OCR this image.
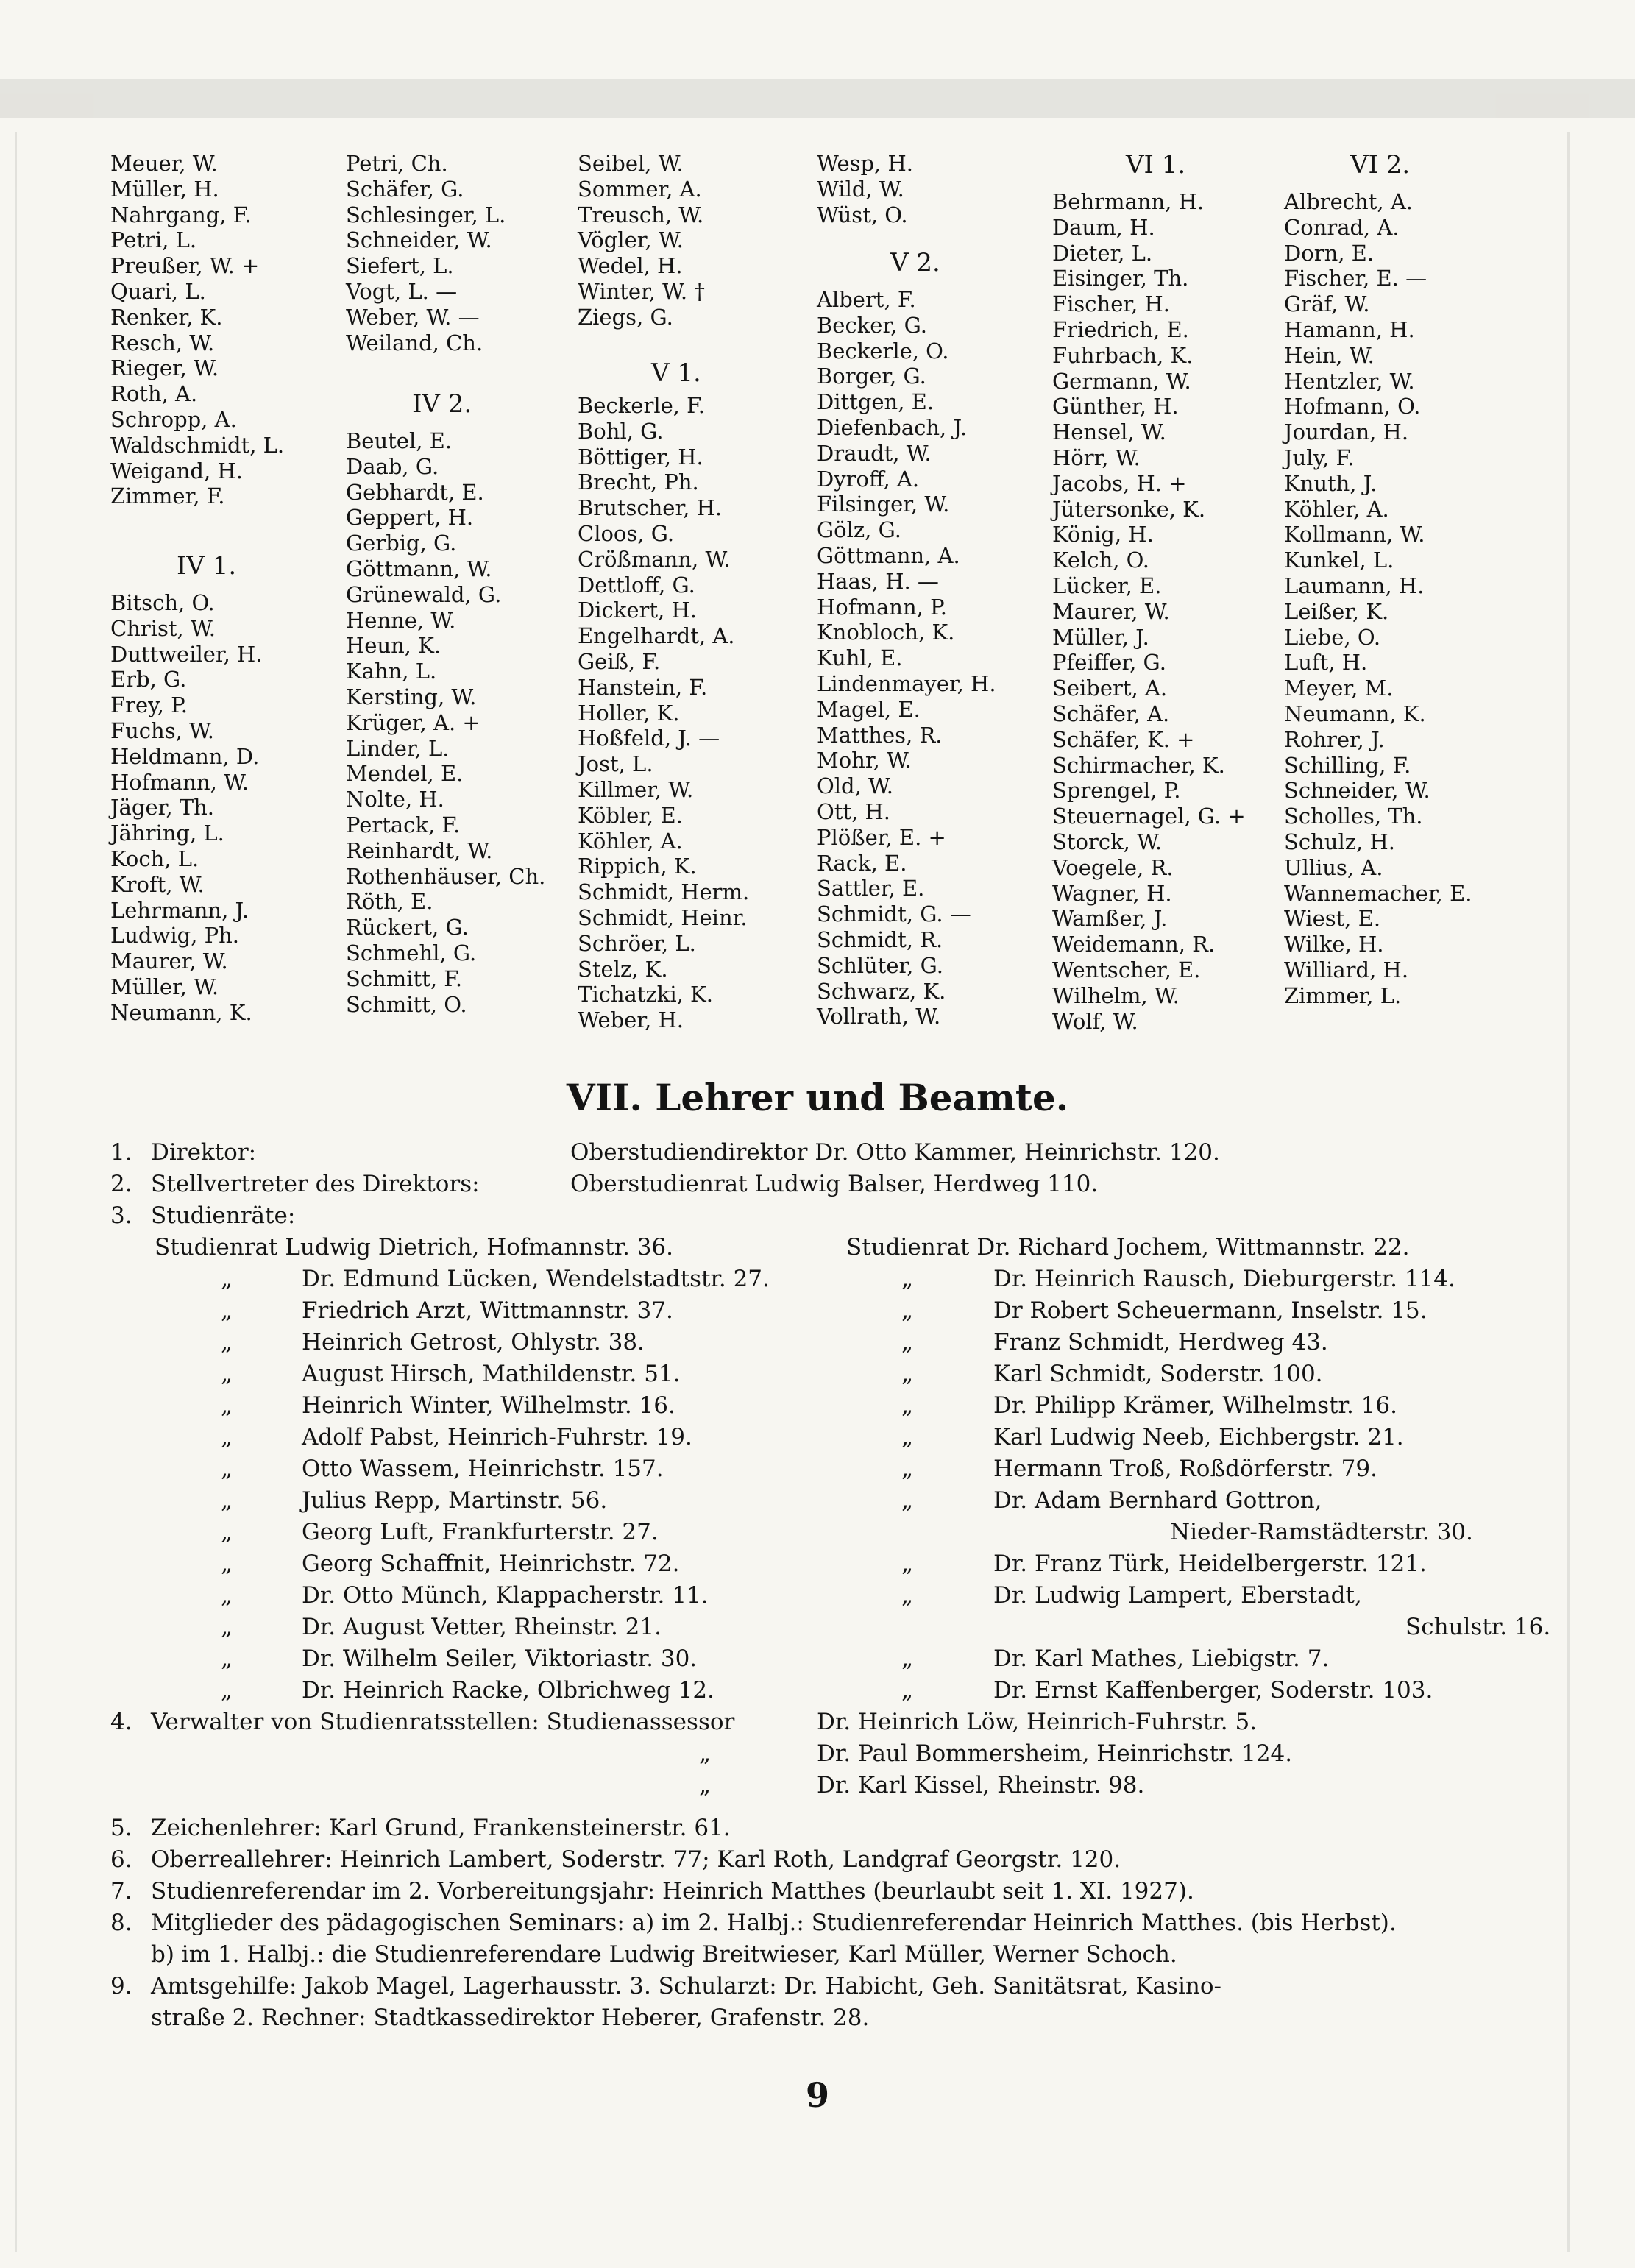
Meuer, W.
Müller, H.
Nahrgang, F.
Petri, L.
Preußer, W. +
Quari, L.
Renker, K.
Resch, W.
Rieger, W.
Roth, A.
Schropp, A.
Waldschmidt, L.
Weigand, H.
Zimmer, F.
IV 1.
Bitsch, O.
Christ, W.
Duttweiler, H.
Erb, G.
Frey, P.
Fuchs, W.
Heldmann, D.
Hofmann, W.
Jäger, Th.
Jähring, L.
Koch, L.
Kroft, W.
Lehrmann, J.
Ludwig, Ph.
Maurer, W.
Müller, W.
Neumann, K.
Petri, Ch.
Schäfer, G.
Schlesinger, L.
Schneider, W.
Siefert, L.
Vogt, L. —
Weber, W. —
Weiland, Ch.
IV 2.
Beutel, E.
Daab, G.
Gebhardt, E.
Geppert, H.
Gerbig, G.
Göttmann, W.
Grünewald, G.
Henne, W.
Heun, K.
Kahn, L.
Kersting, W.
Krüger, A. +
Linder, L.
Mendel, E.
Nolte, H.
Pertack, F.
Reinhardt, W.
Rothenhäuser, Ch.
Röth, E.
Rückert, G.
Schmehl, G.
Schmitt, F.
Schmitt, O.
Seibel, W.
Sommer, A.
Treusch, W.
Vögler, W.
Wedel, H.
Winter, W. †
Ziegs, G.
V 1.
Beckerle, F.
Bohl, G.
Böttiger, H.
Brecht, Ph.
Brutscher, H.
Cloos, G.
Crößmann, W.
Dettloff, G.
Dickert, H.
Engelhardt, A.
Geiß, F.
Hanstein, F.
Holler, K.
Hoßfeld, J. —
Jost, L.
Killmer, W.
Köbler, E.
Köhler, A.
Rippich, K.
Schmidt, Herm.
Schmidt, Heinr.
Schröer, L.
Stelz, K.
Tichatzki, K.
Weber, H.
Wesp, H.
Wild, W.
Wüst, O.
V 2.
Albert, F.
Becker, G.
Beckerle, O.
Borger, G.
Dittgen, E.
Diefenbach, J.
Draudt, W.
Dyroff, A.
Filsinger, W.
Gölz, G.
Göttmann, A.
Haas, H. —
Hofmann, P.
Knobloch, K.
Kuhl, E.
Lindenmayer, H.
Magel, E.
Matthes, R.
Mohr, W.
Old, W.
Ott, H.
Plößer, E. +
Rack, E.
Sattler, E.
Schmidt, G. —
Schmidt, R.
Schlüter, G.
Schwarz, K.
Vollrath, W.
VI 1.
Behrmann, H.
Daum, H.
Dieter, L.
Eisinger, Th.
Fischer, H.
Friedrich, E.
Fuhrbach, K.
Germann, W.
Günther, H.
Hensel, W.
Hörr, W.
Jacobs, H. +
Jütersonke, K.
König, H.
Kelch, O.
Lücker, E.
Maurer, W.
Müller, J.
Pfeiffer, G.
Seibert, A.
Schäfer, A.
Schäfer, K. +
Schirmacher, K.
Sprengel, P.
Steuernagel, G. +
Storck, W.
Voegele, R.
Wagner, H.
Wamßer, J.
Weidemann, R.
Wentscher, E.
Wilhelm, W.
Wolf, W.
VI 2.
Albrecht, A.
Conrad, A.
Dorn, E.
Fischer, E. —
Gräf, W.
Hamann, H.
Hein, W.
Hentzler, W.
Hofmann, O.
Jourdan, H.
July, F.
Knuth, J.
Köhler, A.
Kollmann, W.
Kunkel, L.
Laumann, H.
Leißer, K.
Liebe, O.
Luft, H.
Meyer, M.
Neumann, K.
Rohrer, J.
Schilling, F.
Schneider, W.
Scholles, Th.
Schulz, H.
Ullius, A.
Wannemacher, E.
Wiest, E.
Wilke, H.
Williard, H.
Zimmer, L.
VII. Lehrer und Beamte.
1. Direktor:	Oberstudiendirektor Dr. Otto Kammer, Heinrichstr. 120.
2. Stellvertreter des Direktors:	Oberstudienrat Ludwig Balser, Herdweg 110.
3. Studienräte:
Studienrat Ludwig Dietrich, Hofmannstr. 36.
„	Dr. Edmund Lücken, Wendelstadtstr. 27.
„	Friedrich Arzt, Wittmannstr. 37.
„	Heinrich Getrost, Ohlystr. 38.
„	August Hirsch, Mathildenstr. 51.
„	Heinrich Winter, Wilhelmstr. 16.
„	Adolf Pabst, Heinrich-Fuhrstr. 19.
„	Otto Wassem, Heinrichstr. 157.
„	Julius Repp, Martinstr. 56.
„	Georg Luft, Frankfurterstr. 27.
„	Georg Schaffnit, Heinrichstr. 72.
„	Dr. Otto Münch, Klappacherstr. 11.
„	Dr. August Vetter, Rheinstr. 21.
„	Dr. Wilhelm Seiler, Viktoriastr. 30.
„	Dr. Heinrich Racke, Olbrichweg 12.
Studienrat Dr. Richard Jochem, Wittmannstr. 22.
„	Dr. Heinrich Rausch, Dieburgerstr. 114.
„	Dr Robert Scheuermann, Inselstr. 15.
„	Franz Schmidt, Herdweg 43.
„	Karl Schmidt, Soderstr. 100.
„	Dr. Philipp Krämer, Wilhelmstr. 16.
„	Karl Ludwig Neeb, Eichbergstr. 21.
„	Hermann Troß, Roßdörferstr. 79.
„	Dr. Adam Bernhard Gottron,
Nieder-Ramstädterstr. 30.
„	Dr. Franz Türk, Heidelbergerstr. 121.
„	Dr. Ludwig Lampert, Eberstadt,
Schulstr. 16.
„	Dr. Karl Mathes, Liebigstr. 7.
„	Dr. Ernst Kaffenberger, Soderstr. 103.
4. Verwalter von Studienratsstellen: Studienassessor	Dr. Heinrich Löw, Heinrich-Fuhrstr. 5.
„	Dr. Paul Bommersheim, Heinrichstr. 124.
„	Dr. Karl Kissel, Rheinstr. 98.
5. Zeichenlehrer: Karl Grund, Frankensteinerstr. 61.
6. Oberreallehrer: Heinrich Lambert, Soderstr. 77; Karl Roth, Landgraf Georgstr. 120.
7. Studienreferendar im 2. Vorbereitungsjahr: Heinrich Matthes (beurlaubt seit 1. XI. 1927).
8. Mitglieder des pädagogischen Seminars: a) im 2. Halbj.: Studienreferendar Heinrich Matthes. (bis Herbst).
b) im 1. Halbj.: die Studienreferendare Ludwig Breitwieser, Karl Müller, Werner Schoch.
9. Amtsgehilfe: Jakob Magel, Lagerhausstr. 3. Schularzt: Dr. Habicht, Geh. Sanitätsrat, Kasino-
straße 2. Rechner: Stadtkassedirektor Heberer, Grafenstr. 28.
9
